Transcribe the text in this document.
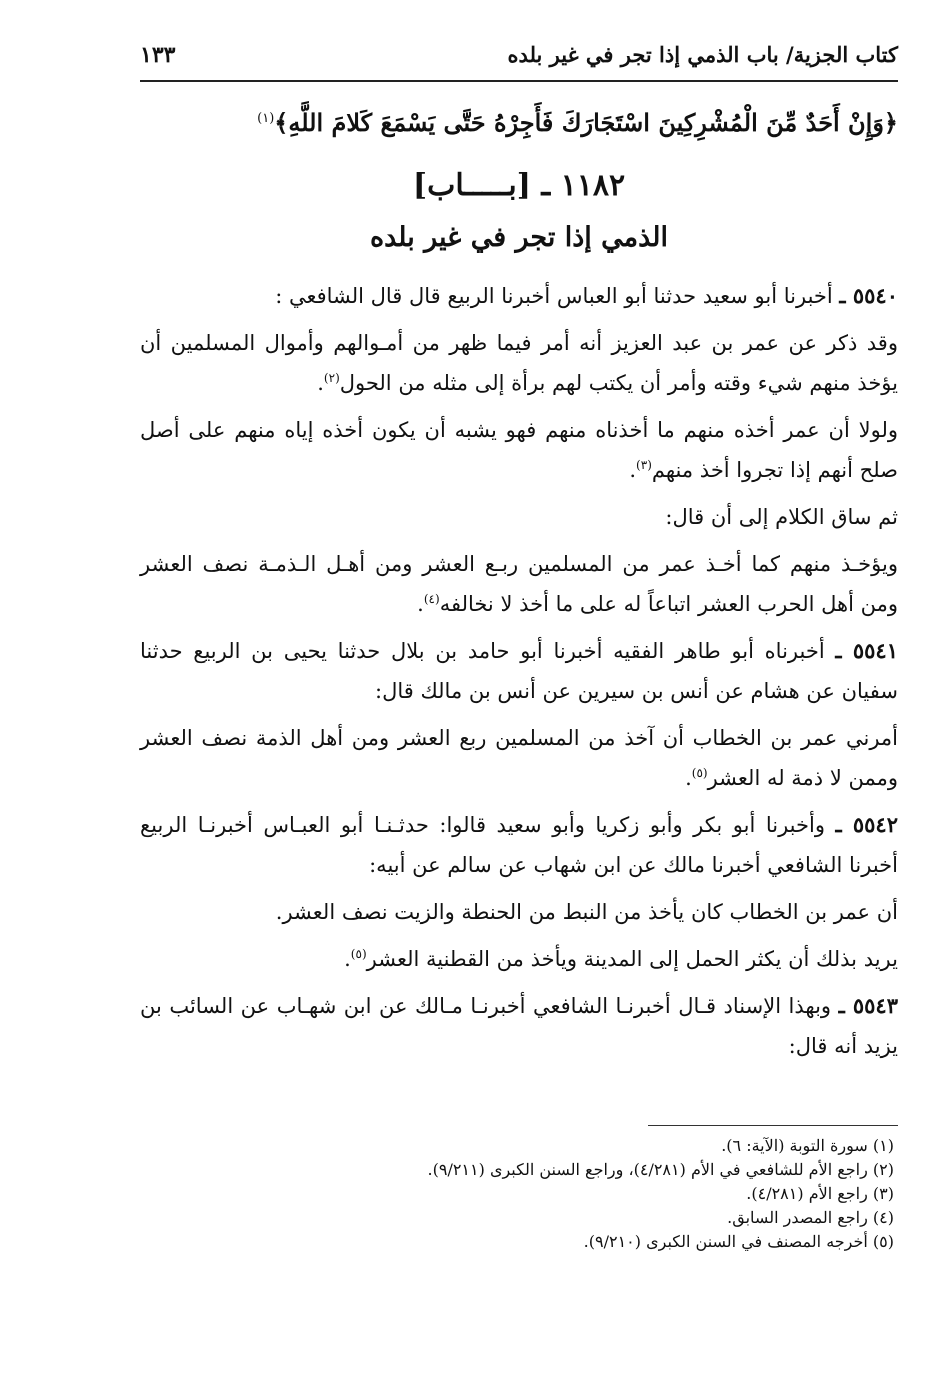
كتاب الجزية/ باب الذمي إذا تجر في غير بلده
١٣٣
﴿وَإِنْ أَحَدٌ مِّنَ الْمُشْرِكِينَ اسْتَجَارَكَ فَأَجِرْهُ حَتَّى يَسْمَعَ كَلامَ اللَّهِ﴾$^{(١)}$
١١٨٢ ـ [بـــــاب]
الذمي إذا تجر في غير بلده

٥٥٤٠ ـ أخبرنا أبو سعيد حدثنا أبو العباس أخبرنا الربيع قال قال الشافعي :

وقد ذكر عن عمر بن عبد العزيز أنه أمر فيما ظهر من أمـوالهم وأموال المسلمين أن يؤخذ منهم شيء وقته وأمر أن يكتب لهم برأة إلى مثله من الحول$^{(٢)}$.

ولولا أن عمر أخذه منهم ما أخذناه منهم فهو يشبه أن يكون أخذه إياه منهم على أصل صلح أنهم إذا تجروا أخذ منهم$^{(٣)}$.

ثم ساق الكلام إلى أن قال:

ويؤخـذ منهم كما أخـذ عمر من المسلمين ربـع العشر ومن أهـل الـذمـة نصف العشر ومن أهل الحرب العشر اتباعاً له على ما أخذ لا نخالفه$^{(٤)}$.

٥٥٤١ ـ أخبرناه أبو طاهر الفقيه أخبرنا أبو حامد بن بلال حدثنا يحيى بن الربيع حدثنا سفيان عن هشام عن أنس بن سيرين عن أنس بن مالك قال:

أمرني عمر بن الخطاب أن آخذ من المسلمين ربع العشر ومن أهل الذمة نصف العشر وممن لا ذمة له العشر$^{(٥)}$.

٥٥٤٢ ـ وأخبرنا أبو بكر وأبو زكريا وأبو سعيد قالوا: حدثـنـا أبو العبـاس أخبرنـا الربيع أخبرنا الشافعي أخبرنا مالك عن ابن شهاب عن سالم عن أبيه:

أن عمر بن الخطاب كان يأخذ من النبط من الحنطة والزيت نصف العشر.

يريد بذلك أن يكثر الحمل إلى المدينة ويأخذ من القطنية العشر$^{(٥)}$.

٥٥٤٣ ـ وبهذا الإسناد قـال أخبرنـا الشافعي أخبرنـا مـالك عن ابن شهـاب عن السائب بن يزيد أنه قال:

(١) سورة التوبة (الآية: ٦).
(٢) راجع الأم للشافعي في الأم (٤/٢٨١)، وراجع السنن الكبرى (٩/٢١١).
(٣) راجع الأم (٤/٢٨١).
(٤) راجع المصدر السابق.
(٥) أخرجه المصنف في السنن الكبرى (٩/٢١٠).
